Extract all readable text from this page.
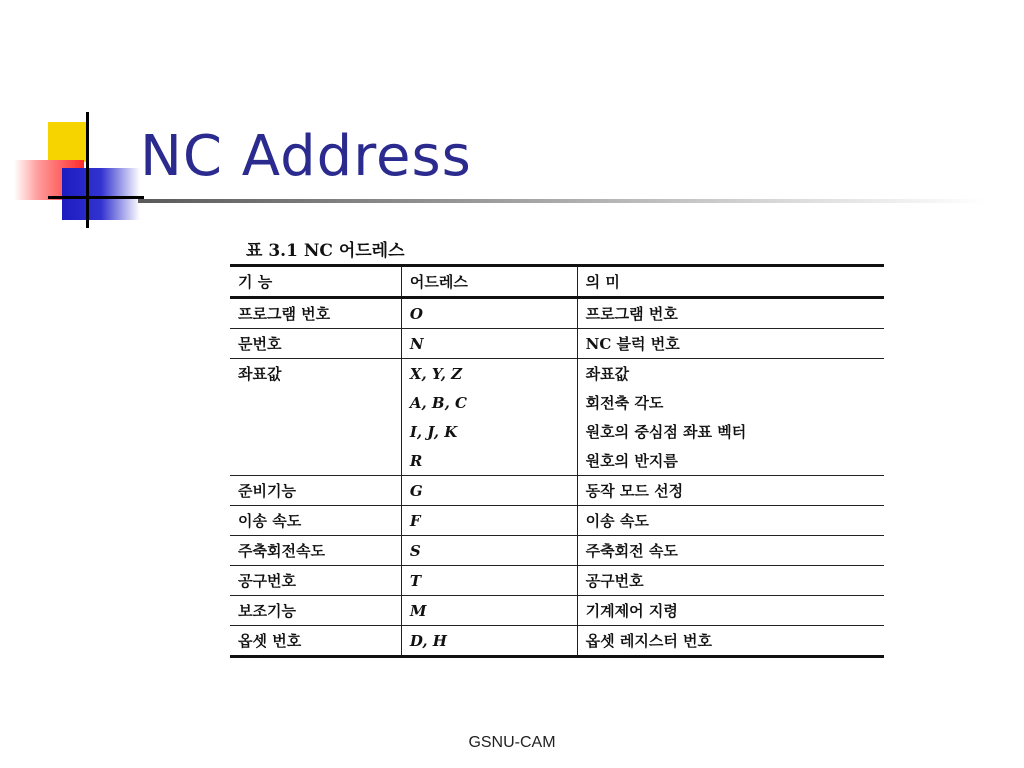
NC Address
표 3.1 NC 어드레스
기 능	어드레스	의 미
프로그램 번호	O	프로그램 번호
문번호	N	NC 블럭 번호
좌표값	X, Y, Z	좌표값
	A, B, C	회전축 각도
	I, J, K	원호의 중심점 좌표 벡터
	R	원호의 반지름
준비기능	G	동작 모드 선정
이송 속도	F	이송 속도
주축회전속도	S	주축회전 속도
공구번호	T	공구번호
보조기능	M	기계제어 지령
옵셋 번호	D, H	옵셋 레지스터 번호
GSNU-CAM
